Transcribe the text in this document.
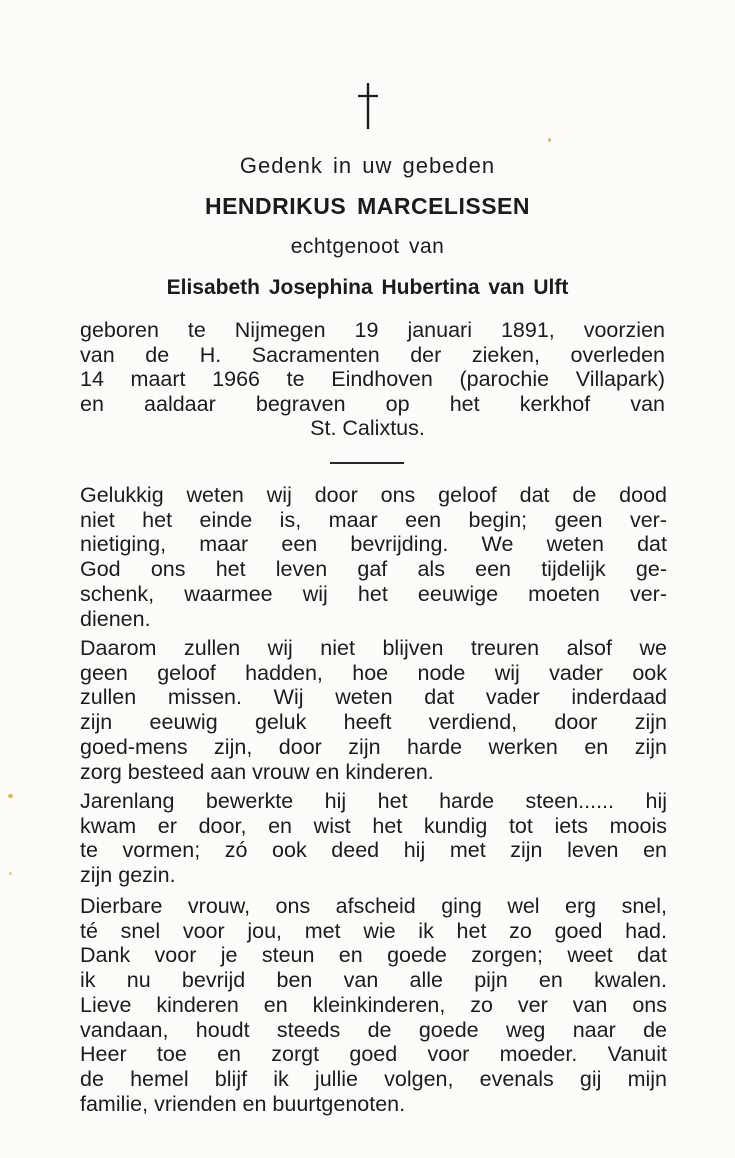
Gedenk in uw gebeden
HENDRIKUS MARCELISSEN
echtgenoot van
Elisabeth Josephina Hubertina van Ulft
geboren te Nijmegen 19 januari 1891, voorzien
van de H. Sacramenten der zieken, overleden
14 maart 1966 te Eindhoven (parochie Villapark)
en aaldaar begraven op het kerkhof van
St. Calixtus.
Gelukkig weten wij door ons geloof dat de dood
niet het einde is, maar een begin; geen ver-
nietiging, maar een bevrijding. We weten dat
God ons het leven gaf als een tijdelijk ge-
schenk, waarmee wij het eeuwige moeten ver-
dienen.
Daarom zullen wij niet blijven treuren alsof we
geen geloof hadden, hoe node wij vader ook
zullen missen. Wij weten dat vader inderdaad
zijn eeuwig geluk heeft verdiend, door zijn
goed-mens zijn, door zijn harde werken en zijn
zorg besteed aan vrouw en kinderen.
Jarenlang bewerkte hij het harde steen...... hij
kwam er door, en wist het kundig tot iets moois
te vormen; zó ook deed hij met zijn leven en
zijn gezin.
Dierbare vrouw, ons afscheid ging wel erg snel,
té snel voor jou, met wie ik het zo goed had.
Dank voor je steun en goede zorgen; weet dat
ik nu bevrijd ben van alle pijn en kwalen.
Lieve kinderen en kleinkinderen, zo ver van ons
vandaan, houdt steeds de goede weg naar de
Heer toe en zorgt goed voor moeder. Vanuit
de hemel blijf ik jullie volgen, evenals gij mijn
familie, vrienden en buurtgenoten.
